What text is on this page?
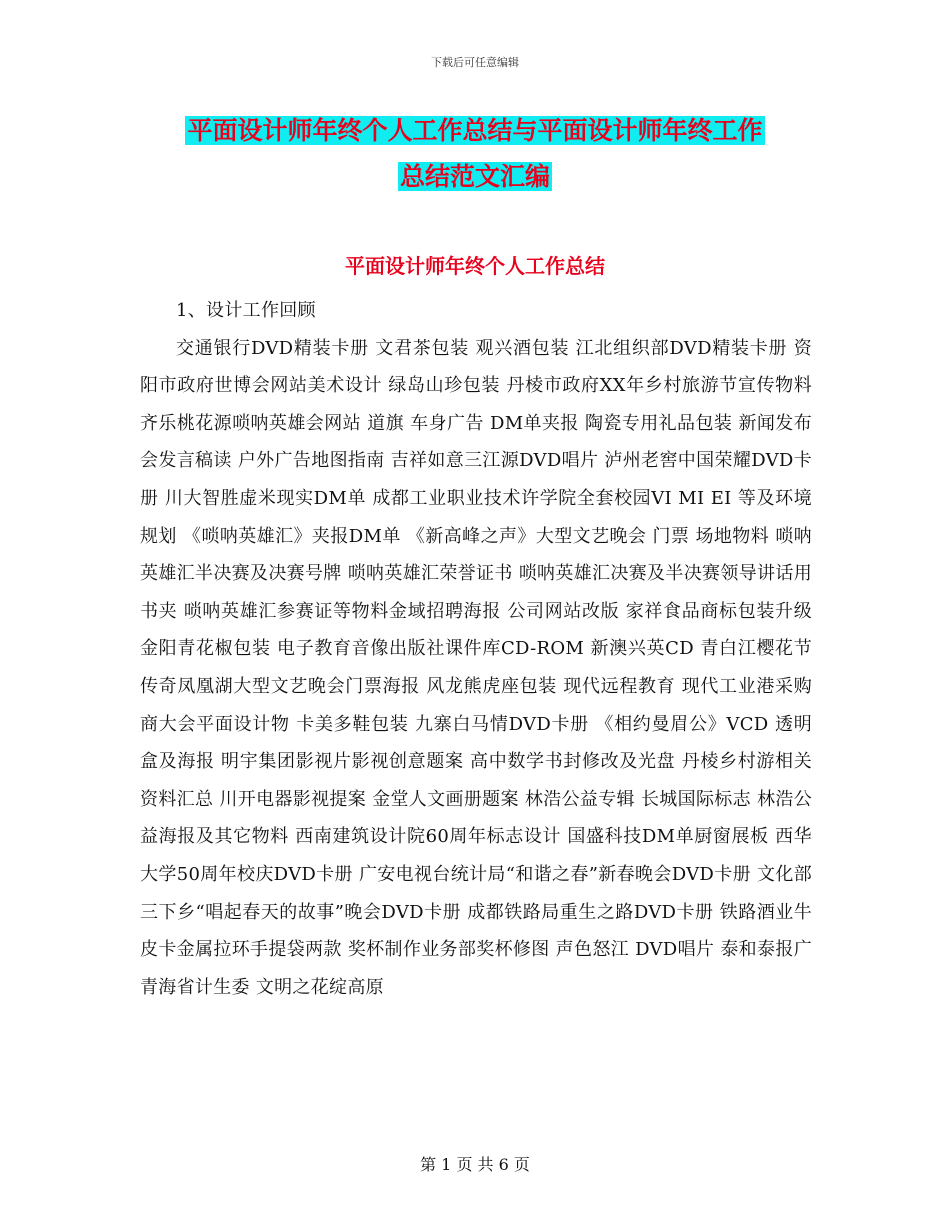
下载后可任意编辑
平面设计师年终个人工作总结与平面设计师年终工作
总结范文汇编
平面设计师年终个人工作总结

1、设计工作回顾

交通银行DVD精装卡册 文君茶包装 观兴酒包装 江北组织部DVD精装卡册 资阳市政府世博会网站美术设计 绿岛山珍包装 丹棱市政府XX年乡村旅游节宣传物料 齐乐桃花源唢呐英雄会网站 道旗 车身广告 DM单夹报 陶瓷专用礼品包装 新闻发布会发言稿读 户外广告地图指南 吉祥如意三江源DVD唱片 泸州老窖中国荣耀DVD卡册 川大智胜虚米现实DM单 成都工业职业技术许学院全套校园VI MI EI 等及环境规划 《唢呐英雄汇》夹报DM单 《新高峰之声》大型文艺晚会 门票 场地物料 唢呐英雄汇半决赛及决赛号牌 唢呐英雄汇荣誉证书 唢呐英雄汇决赛及半决赛领导讲话用书夹 唢呐英雄汇参赛证等物料金域招聘海报 公司网站改版 家祥食品商标包装升级 金阳青花椒包装 电子教育音像出版社课件库CD-ROM 新澳兴英CD 青白江樱花节 传奇凤凰湖大型文艺晚会门票海报 风龙熊虎座包装 现代远程教育 现代工业港采购商大会平面设计物 卡美多鞋包装 九寨白马情DVD卡册 《相约曼眉公》VCD 透明盒及海报 明宇集团影视片影视创意题案 高中数学书封修改及光盘 丹棱乡村游相关资料汇总 川开电器影视提案 金堂人文画册题案 林浩公益专辑 长城国际标志 林浩公益海报及其它物料 西南建筑设计院60周年标志设计 国盛科技DM单厨窗展板 西华大学50周年校庆DVD卡册 广安电视台统计局“和谐之春”新春晚会DVD卡册 文化部三下乡“唱起春天的故事”晚会DVD卡册 成都铁路局重生之路DVD卡册 铁路酒业牛皮卡金属拉环手提袋两款 奖杯制作业务部奖杯修图 声色怒江 DVD唱片 泰和泰报广 青海省计生委 文明之花绽高原

第 1 页 共 6 页
